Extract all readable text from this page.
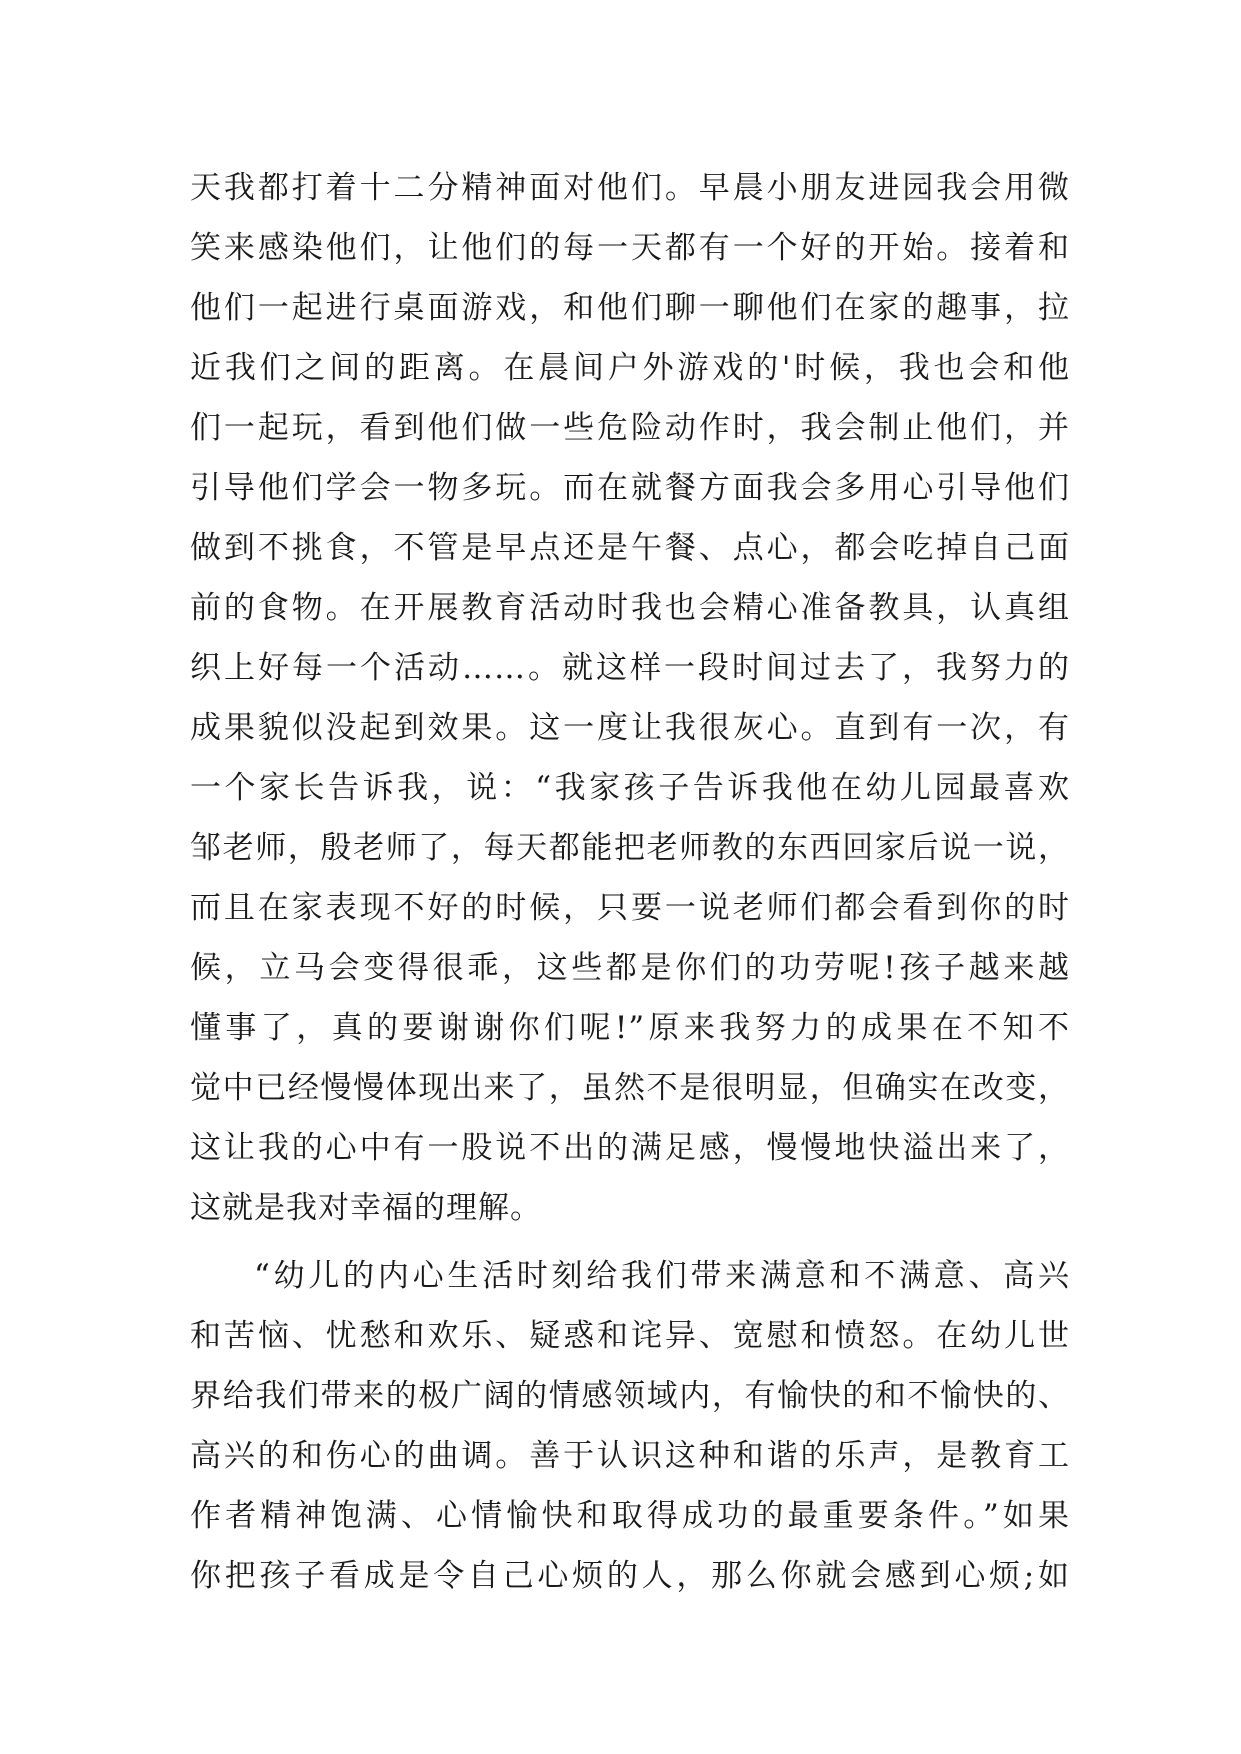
天我都打着十二分精神面对他们。早晨小朋友进园我会用微
笑来感染他们，让他们的每一天都有一个好的开始。接着和
他们一起进行桌面游戏，和他们聊一聊他们在家的趣事，拉
近我们之间的距离。在晨间户外游戏的'时候，我也会和他
们一起玩，看到他们做一些危险动作时，我会制止他们，并
引导他们学会一物多玩。而在就餐方面我会多用心引导他们
做到不挑食，不管是早点还是午餐、点心，都会吃掉自己面
前的食物。在开展教育活动时我也会精心准备教具，认真组
织上好每一个活动……。就这样一段时间过去了，我努力的
成果貌似没起到效果。这一度让我很灰心。直到有一次，有
一个家长告诉我，说：“我家孩子告诉我他在幼儿园最喜欢
邹老师，殷老师了，每天都能把老师教的东西回家后说一说，
而且在家表现不好的时候，只要一说老师们都会看到你的时
候，立马会变得很乖，这些都是你们的功劳呢!孩子越来越
懂事了，真的要谢谢你们呢!”原来我努力的成果在不知不
觉中已经慢慢体现出来了，虽然不是很明显，但确实在改变，
这让我的心中有一股说不出的满足感，慢慢地快溢出来了，
这就是我对幸福的理解。
“幼儿的内心生活时刻给我们带来满意和不满意、高兴
和苦恼、忧愁和欢乐、疑惑和诧异、宽慰和愤怒。在幼儿世
界给我们带来的极广阔的情感领域内，有愉快的和不愉快的、
高兴的和伤心的曲调。善于认识这种和谐的乐声，是教育工
作者精神饱满、心情愉快和取得成功的最重要条件。”如果
你把孩子看成是令自己心烦的人，那么你就会感到心烦;如
